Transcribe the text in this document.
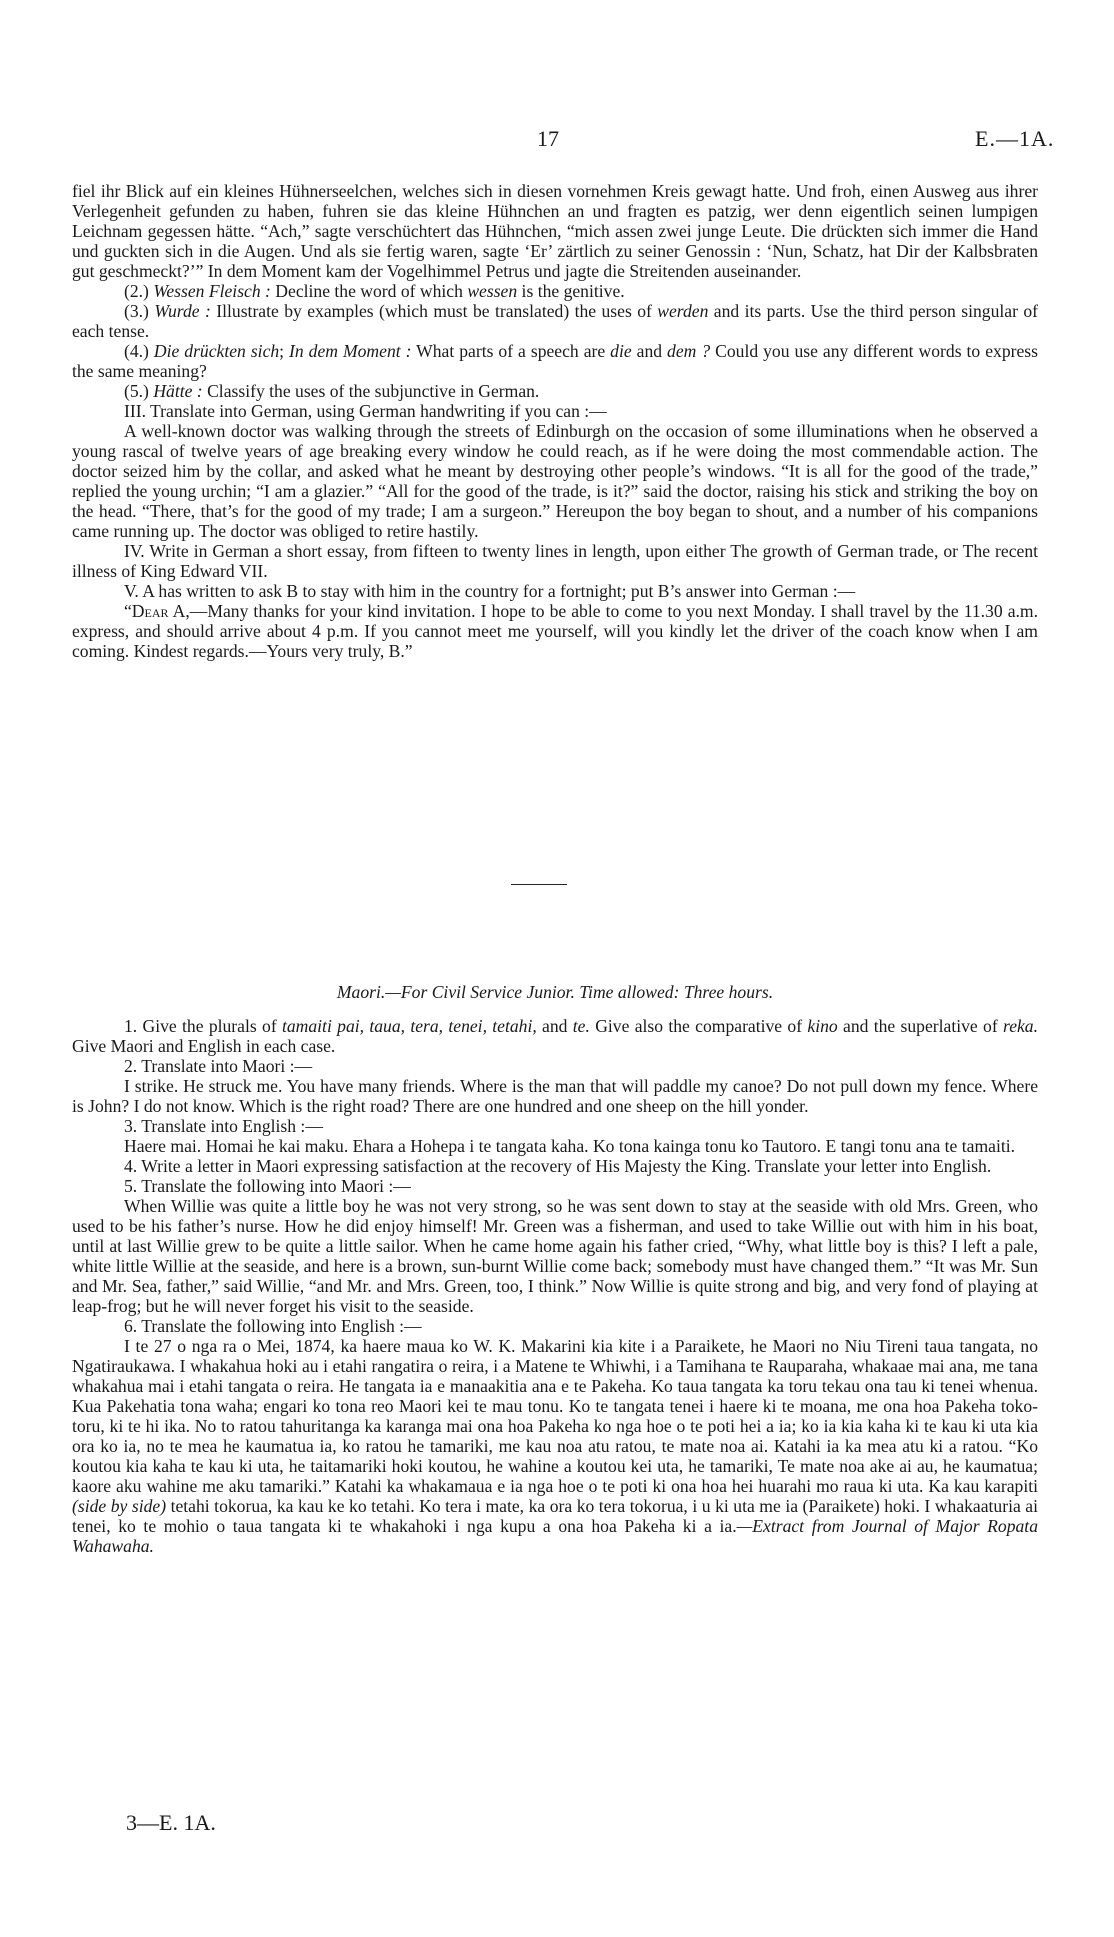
17	E.—1A.

fiel ihr Blick auf ein kleines Hühnerseelchen, welches sich in diesen vornehmen Kreis gewagt hatte. Und froh, einen Ausweg aus ihrer Verlegenheit gefunden zu haben, fuhren sie das kleine Hühnchen an und fragten es patzig, wer denn eigentlich seinen lumpigen Leichnam gegessen hätte. “Ach,” sagte verschüchtert das Hühnchen, “mich assen zwei junge Leute. Die drückten sich immer die Hand und guckten sich in die Augen. Und als sie fertig waren, sagte ‘Er’ zärtlich zu seiner Genossin : ‘Nun, Schatz, hat Dir der Kalbsbraten gut geschmeckt?’” In dem Moment kam der Vogelhimmel Petrus und jagte die Streitenden auseinander.

(2.) Wessen Fleisch : Decline the word of which wessen is the genitive.

(3.) Wurde : Illustrate by examples (which must be translated) the uses of werden and its parts. Use the third person singular of each tense.

(4.) Die drückten sich; In dem Moment : What parts of a speech are die and dem ? Could you use any different words to express the same meaning?

(5.) Hätte : Classify the uses of the subjunctive in German.

III. Translate into German, using German handwriting if you can :—

A well-known doctor was walking through the streets of Edinburgh on the occasion of some illuminations when he observed a young rascal of twelve years of age breaking every window he could reach, as if he were doing the most commendable action. The doctor seized him by the collar, and asked what he meant by destroying other people’s windows. “It is all for the good of the trade,” replied the young urchin; “I am a glazier.” “All for the good of the trade, is it?” said the doctor, raising his stick and striking the boy on the head. “There, that’s for the good of my trade; I am a surgeon.” Hereupon the boy began to shout, and a number of his companions came running up. The doctor was obliged to retire hastily.

IV. Write in German a short essay, from fifteen to twenty lines in length, upon either The growth of German trade, or The recent illness of King Edward VII.

V. A has written to ask B to stay with him in the country for a fortnight; put B’s answer into German :—

“Dear A,—Many thanks for your kind invitation. I hope to be able to come to you next Monday. I shall travel by the 11.30 a.m. express, and should arrive about 4 p.m. If you cannot meet me yourself, will you kindly let the driver of the coach know when I am coming. Kindest regards.—Yours very truly, B.”

Maori.—For Civil Service Junior. Time allowed: Three hours.

1. Give the plurals of tamaiti pai, taua, tera, tenei, tetahi, and te. Give also the comparative of kino and the superlative of reka. Give Maori and English in each case.

2. Translate into Maori :—

I strike. He struck me. You have many friends. Where is the man that will paddle my canoe? Do not pull down my fence. Where is John? I do not know. Which is the right road? There are one hundred and one sheep on the hill yonder.

3. Translate into English :—

Haere mai. Homai he kai maku. Ehara a Hohepa i te tangata kaha. Ko tona kainga tonu ko Tautoro. E tangi tonu ana te tamaiti.

4. Write a letter in Maori expressing satisfaction at the recovery of His Majesty the King. Translate your letter into English.

5. Translate the following into Maori :—

When Willie was quite a little boy he was not very strong, so he was sent down to stay at the seaside with old Mrs. Green, who used to be his father’s nurse. How he did enjoy himself! Mr. Green was a fisherman, and used to take Willie out with him in his boat, until at last Willie grew to be quite a little sailor. When he came home again his father cried, “Why, what little boy is this? I left a pale, white little Willie at the seaside, and here is a brown, sun-burnt Willie come back; somebody must have changed them.” “It was Mr. Sun and Mr. Sea, father,” said Willie, “and Mr. and Mrs. Green, too, I think.” Now Willie is quite strong and big, and very fond of playing at leap-frog; but he will never forget his visit to the seaside.

6. Translate the following into English :—

I te 27 o nga ra o Mei, 1874, ka haere maua ko W. K. Makarini kia kite i a Paraikete, he Maori no Niu Tireni taua tangata, no Ngatiraukawa. I whakahua hoki au i etahi rangatira o reira, i a Matene te Whiwhi, i a Tamihana te Rauparaha, whakaae mai ana, me tana whakahua mai i etahi tangata o reira. He tangata ia e manaakitia ana e te Pakeha. Ko taua tangata ka toru tekau ona tau ki tenei whenua. Kua Pakehatia tona waha; engari ko tona reo Maori kei te mau tonu. Ko te tangata tenei i haere ki te moana, me ona hoa Pakeha toko-toru, ki te hi ika. No to ratou tahuritanga ka karanga mai ona hoa Pakeha ko nga hoe o te poti hei a ia; ko ia kia kaha ki te kau ki uta kia ora ko ia, no te mea he kaumatua ia, ko ratou he tamariki, me kau noa atu ratou, te mate noa ai. Katahi ia ka mea atu ki a ratou. “Ko koutou kia kaha te kau ki uta, he taitamariki hoki koutou, he wahine a koutou kei uta, he tamariki, Te mate noa ake ai au, he kaumatua; kaore aku wahine me aku tamariki.” Katahi ka whakamaua e ia nga hoe o te poti ki ona hoa hei huarahi mo raua ki uta. Ka kau karapiti (side by side) tetahi tokorua, ka kau ke ko tetahi. Ko tera i mate, ka ora ko tera tokorua, i u ki uta me ia (Paraikete) hoki. I whakaaturia ai tenei, ko te mohio o taua tangata ki te whakahoki i nga kupu a ona hoa Pakeha ki a ia.—Extract from Journal of Major Ropata Wahawaha.

3—E. 1A.
